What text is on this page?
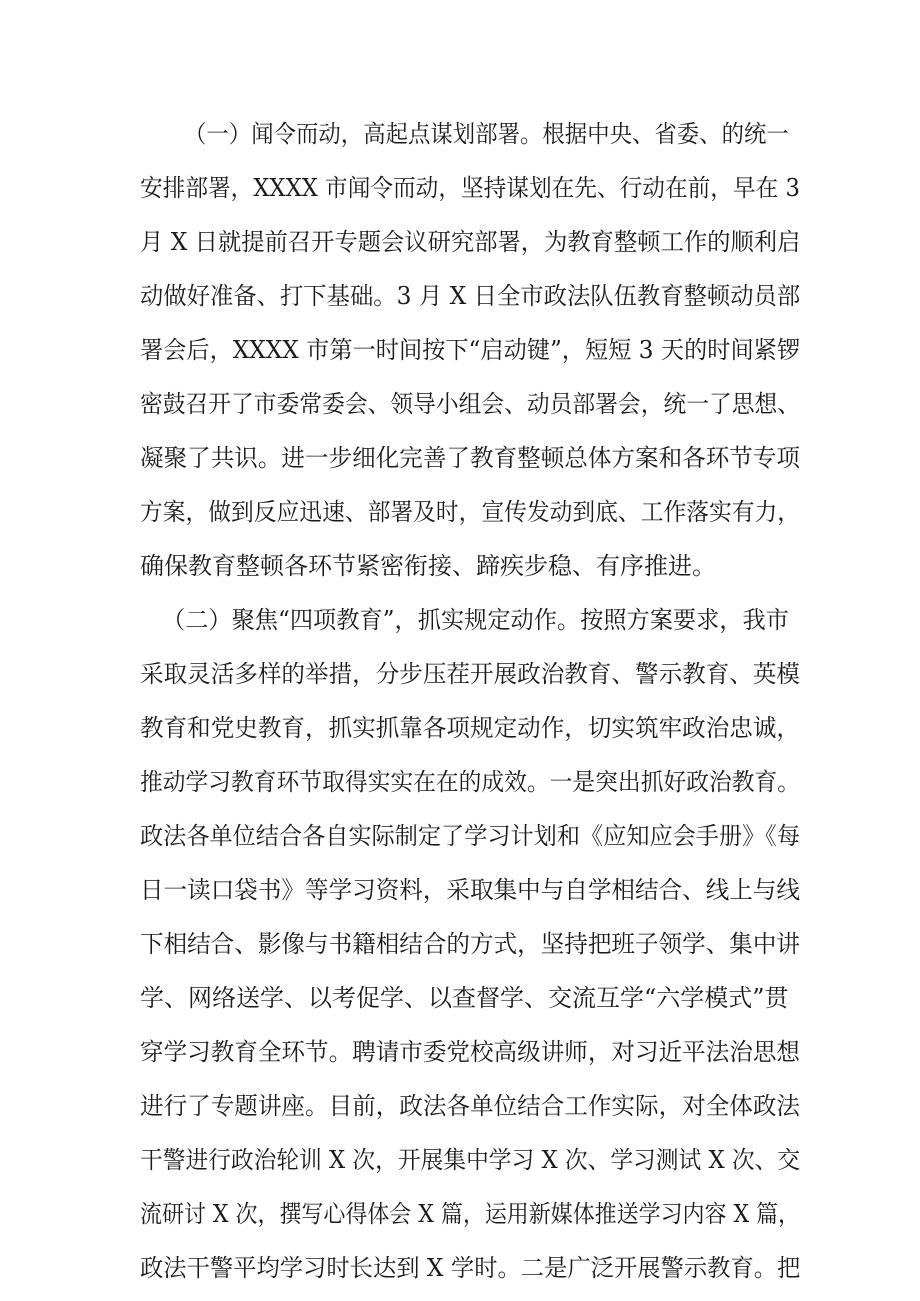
（一）闻令而动，高起点谋划部署。根据中央、省委、的统一
安排部署，XXXX 市闻令而动，坚持谋划在先、行动在前，早在 3
月 X 日就提前召开专题会议研究部署，为教育整顿工作的顺利启
动做好准备、打下基础。3 月 X 日全市政法队伍教育整顿动员部
署会后，XXXX 市第一时间按下“启动键”，短短 3 天的时间紧锣
密鼓召开了市委常委会、领导小组会、动员部署会，统一了思想、
凝聚了共识。进一步细化完善了教育整顿总体方案和各环节专项
方案，做到反应迅速、部署及时，宣传发动到底、工作落实有力，
确保教育整顿各环节紧密衔接、蹄疾步稳、有序推进。
（二）聚焦“四项教育”，抓实规定动作。按照方案要求，我市
采取灵活多样的举措，分步压茬开展政治教育、警示教育、英模
教育和党史教育，抓实抓靠各项规定动作，切实筑牢政治忠诚，
推动学习教育环节取得实实在在的成效。一是突出抓好政治教育。
政法各单位结合各自实际制定了学习计划和《应知应会手册》《每
日一读口袋书》等学习资料，采取集中与自学相结合、线上与线
下相结合、影像与书籍相结合的方式，坚持把班子领学、集中讲
学、网络送学、以考促学、以查督学、交流互学“六学模式”贯
穿学习教育全环节。聘请市委党校高级讲师，对习近平法治思想
进行了专题讲座。目前，政法各单位结合工作实际，对全体政法
干警进行政治轮训 X 次，开展集中学习 X 次、学习测试 X 次、交
流研讨 X 次，撰写心得体会 X 篇，运用新媒体推送学习内容 X 篇，
政法干警平均学习时长达到 X 学时。二是广泛开展警示教育。把
